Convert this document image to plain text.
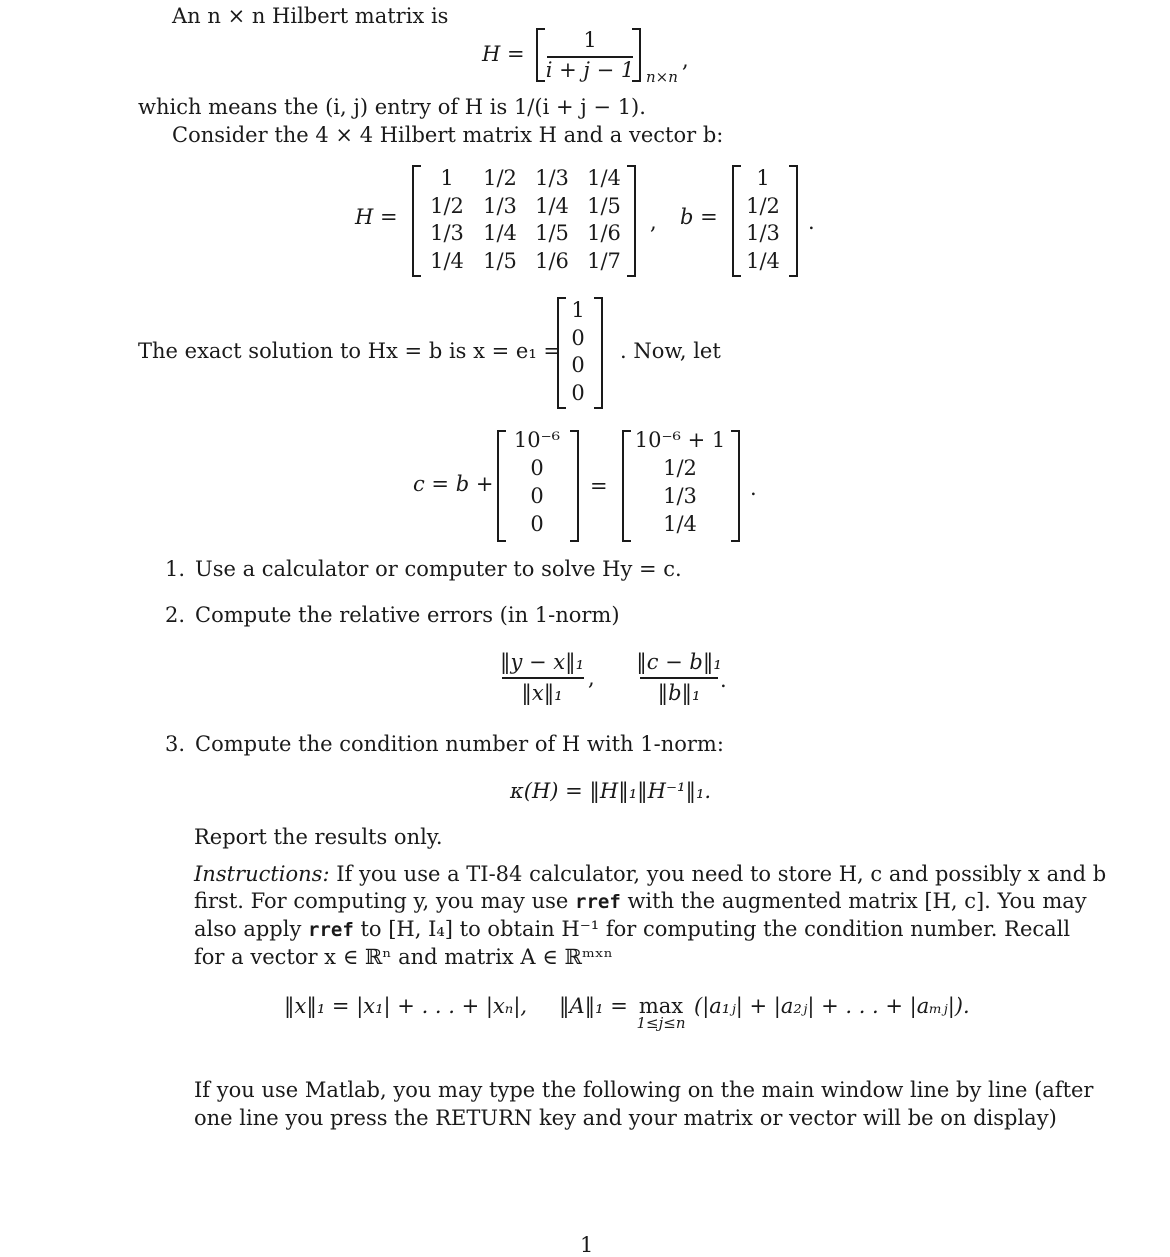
An n × n Hilbert matrix is
H =
1
i + j − 1 n×n
,
which means the (i, j) entry of H is 1/(i + j − 1).
Consider the 4 × 4 Hilbert matrix H and a vector b:
H =
1	1/2 1/3 1/4
1/2 1/3 1/4 1/5
1/3 1/4 1/5 1/6
1/4 1/5 1/6 1/7
, b =
1
1/2
1/3
1/4
.
The exact solution to Hx = b is x = e₁ =
1
0
0
0
. Now, let
c = b +
10⁻⁶
0
0
0
=
10⁻⁶ + 1
1/2
1/3
1/4
.
1. Use a calculator or computer to solve Hy = c.
2. Compute the relative errors (in 1-norm)
‖y − x‖₁
‖x‖₁
,
‖c − b‖₁
‖b‖₁
.
3. Compute the condition number of H with 1-norm:
κ(H) = ‖H‖₁‖H⁻¹‖₁.
Report the results only.
Instructions: If you use a TI-84 calculator, you need to store H, c and possibly x and b
first. For computing y, you may use rref with the augmented matrix [H, c]. You may
also apply rref to [H, I₄] to obtain H⁻¹ for computing the condition number. Recall
for a vector x ∈ ℝⁿ and matrix A ∈ ℝᵐˣⁿ
‖x‖₁ = |x₁| + . . . + |xₙ|, ‖A‖₁ = max
1≤j≤n
(|a₁ⱼ| + |a₂ⱼ| + . . . + |aₘⱼ|).
If you use Matlab, you may type the following on the main window line by line (after
one line you press the RETURN key and your matrix or vector will be on display)
1
